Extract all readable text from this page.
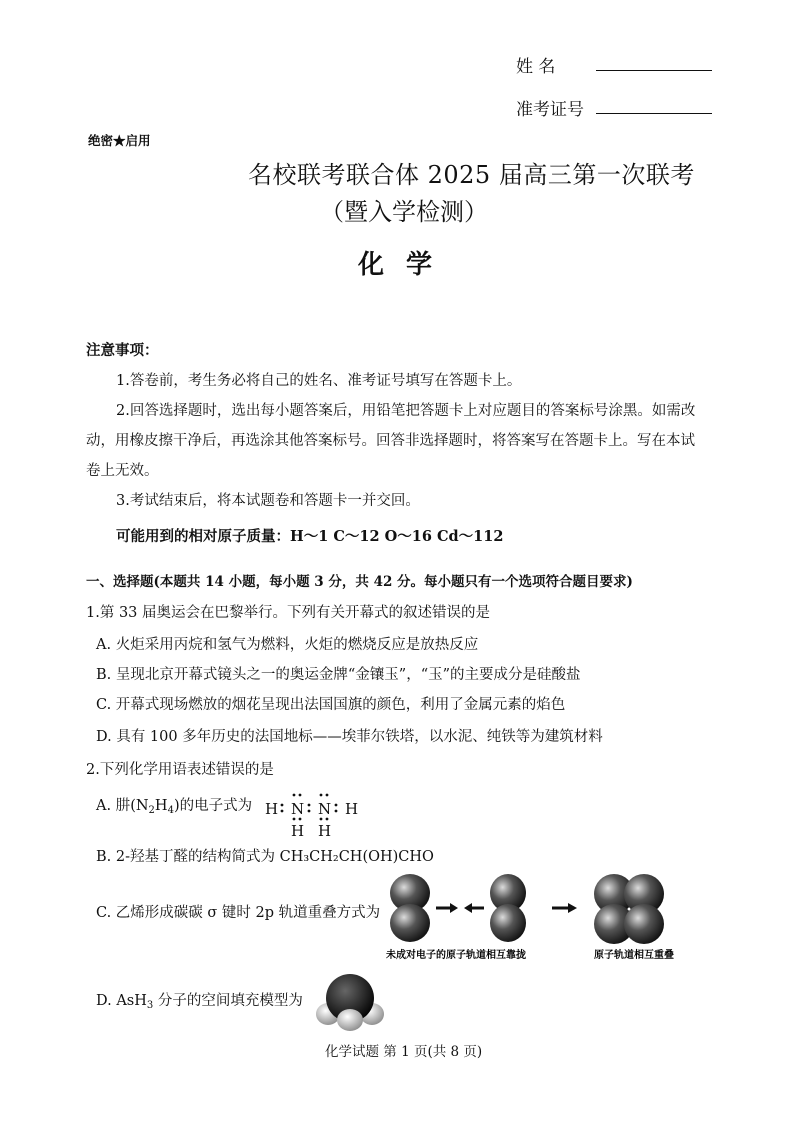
姓 名
准考证号
绝密★启用
名校联考联合体 2025 届高三第一次联考
（暨入学检测）
化学
注意事项：
1.答卷前，考生务必将自己的姓名、准考证号填写在答题卡上。
2.回答选择题时，选出每小题答案后，用铅笔把答题卡上对应题目的答案标号涂黑。如需改
动，用橡皮擦干净后，再选涂其他答案标号。回答非选择题时，将答案写在答题卡上。写在本试
卷上无效。
3.考试结束后，将本试题卷和答题卡一并交回。
可能用到的相对原子质量：H～1 C～12 O～16 Cd～112
一、选择题(本题共 14 小题，每小题 3 分，共 42 分。每小题只有一个选项符合题目要求)
1.第 33 届奥运会在巴黎举行。下列有关开幕式的叙述错误的是
A. 火炬采用丙烷和氢气为燃料，火炬的燃烧反应是放热反应
B. 呈现北京开幕式镜头之一的奥运金牌“金镶玉”，“玉”的主要成分是硅酸盐
C. 开幕式现场燃放的烟花呈现出法国国旗的颜色，利用了金属元素的焰色
D. 具有 100 多年历史的法国地标——埃菲尔铁塔，以水泥、纯铁等为建筑材料
2.下列化学用语表述错误的是
A. 肼$(N_2H_4)$的电子式为 H N N H
H H
B. 2-羟基丁醛的结构简式为 CH₃CH₂CH(OH)CHO
C. 乙烯形成碳碳 σ 键时 2p 轨道重叠方式为
未成对电子的原子轨道相互靠拢	原子轨道相互重叠
D. AsH$_3$ 分子的空间填充模型为
化学试题 第 1 页(共 8 页)
